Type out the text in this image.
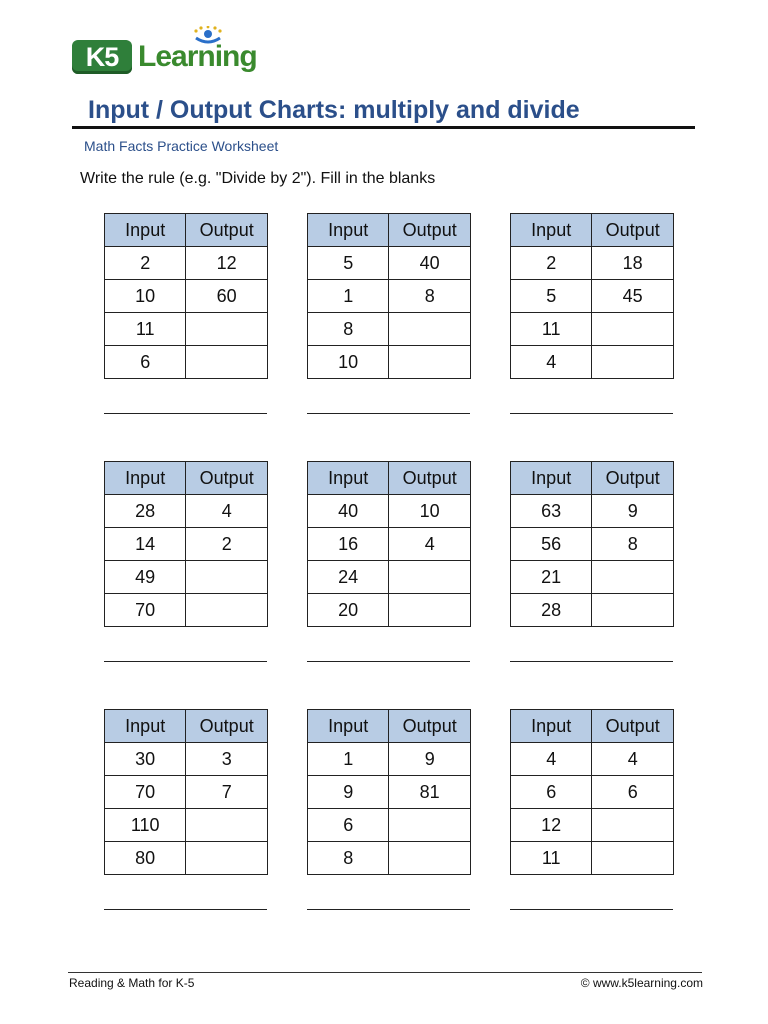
K5 Learning
Input / Output Charts: multiply and divide
Math Facts Practice Worksheet
Write the rule (e.g. "Divide by 2"). Fill in the blanks
Input	Output
2	12
10	60
11	
6	
Input	Output
5	40
1	8
8	
10	
Input	Output
2	18
5	45
11	
4	
Input	Output
28	4
14	2
49	
70	
Input	Output
40	10
16	4
24	
20	
Input	Output
63	9
56	8
21	
28	
Input	Output
30	3
70	7
110	
80	
Input	Output
1	9
9	81
6	
8	
Input	Output
4	4
6	6
12	
11	
Reading & Math for K-5	© www.k5learning.com
